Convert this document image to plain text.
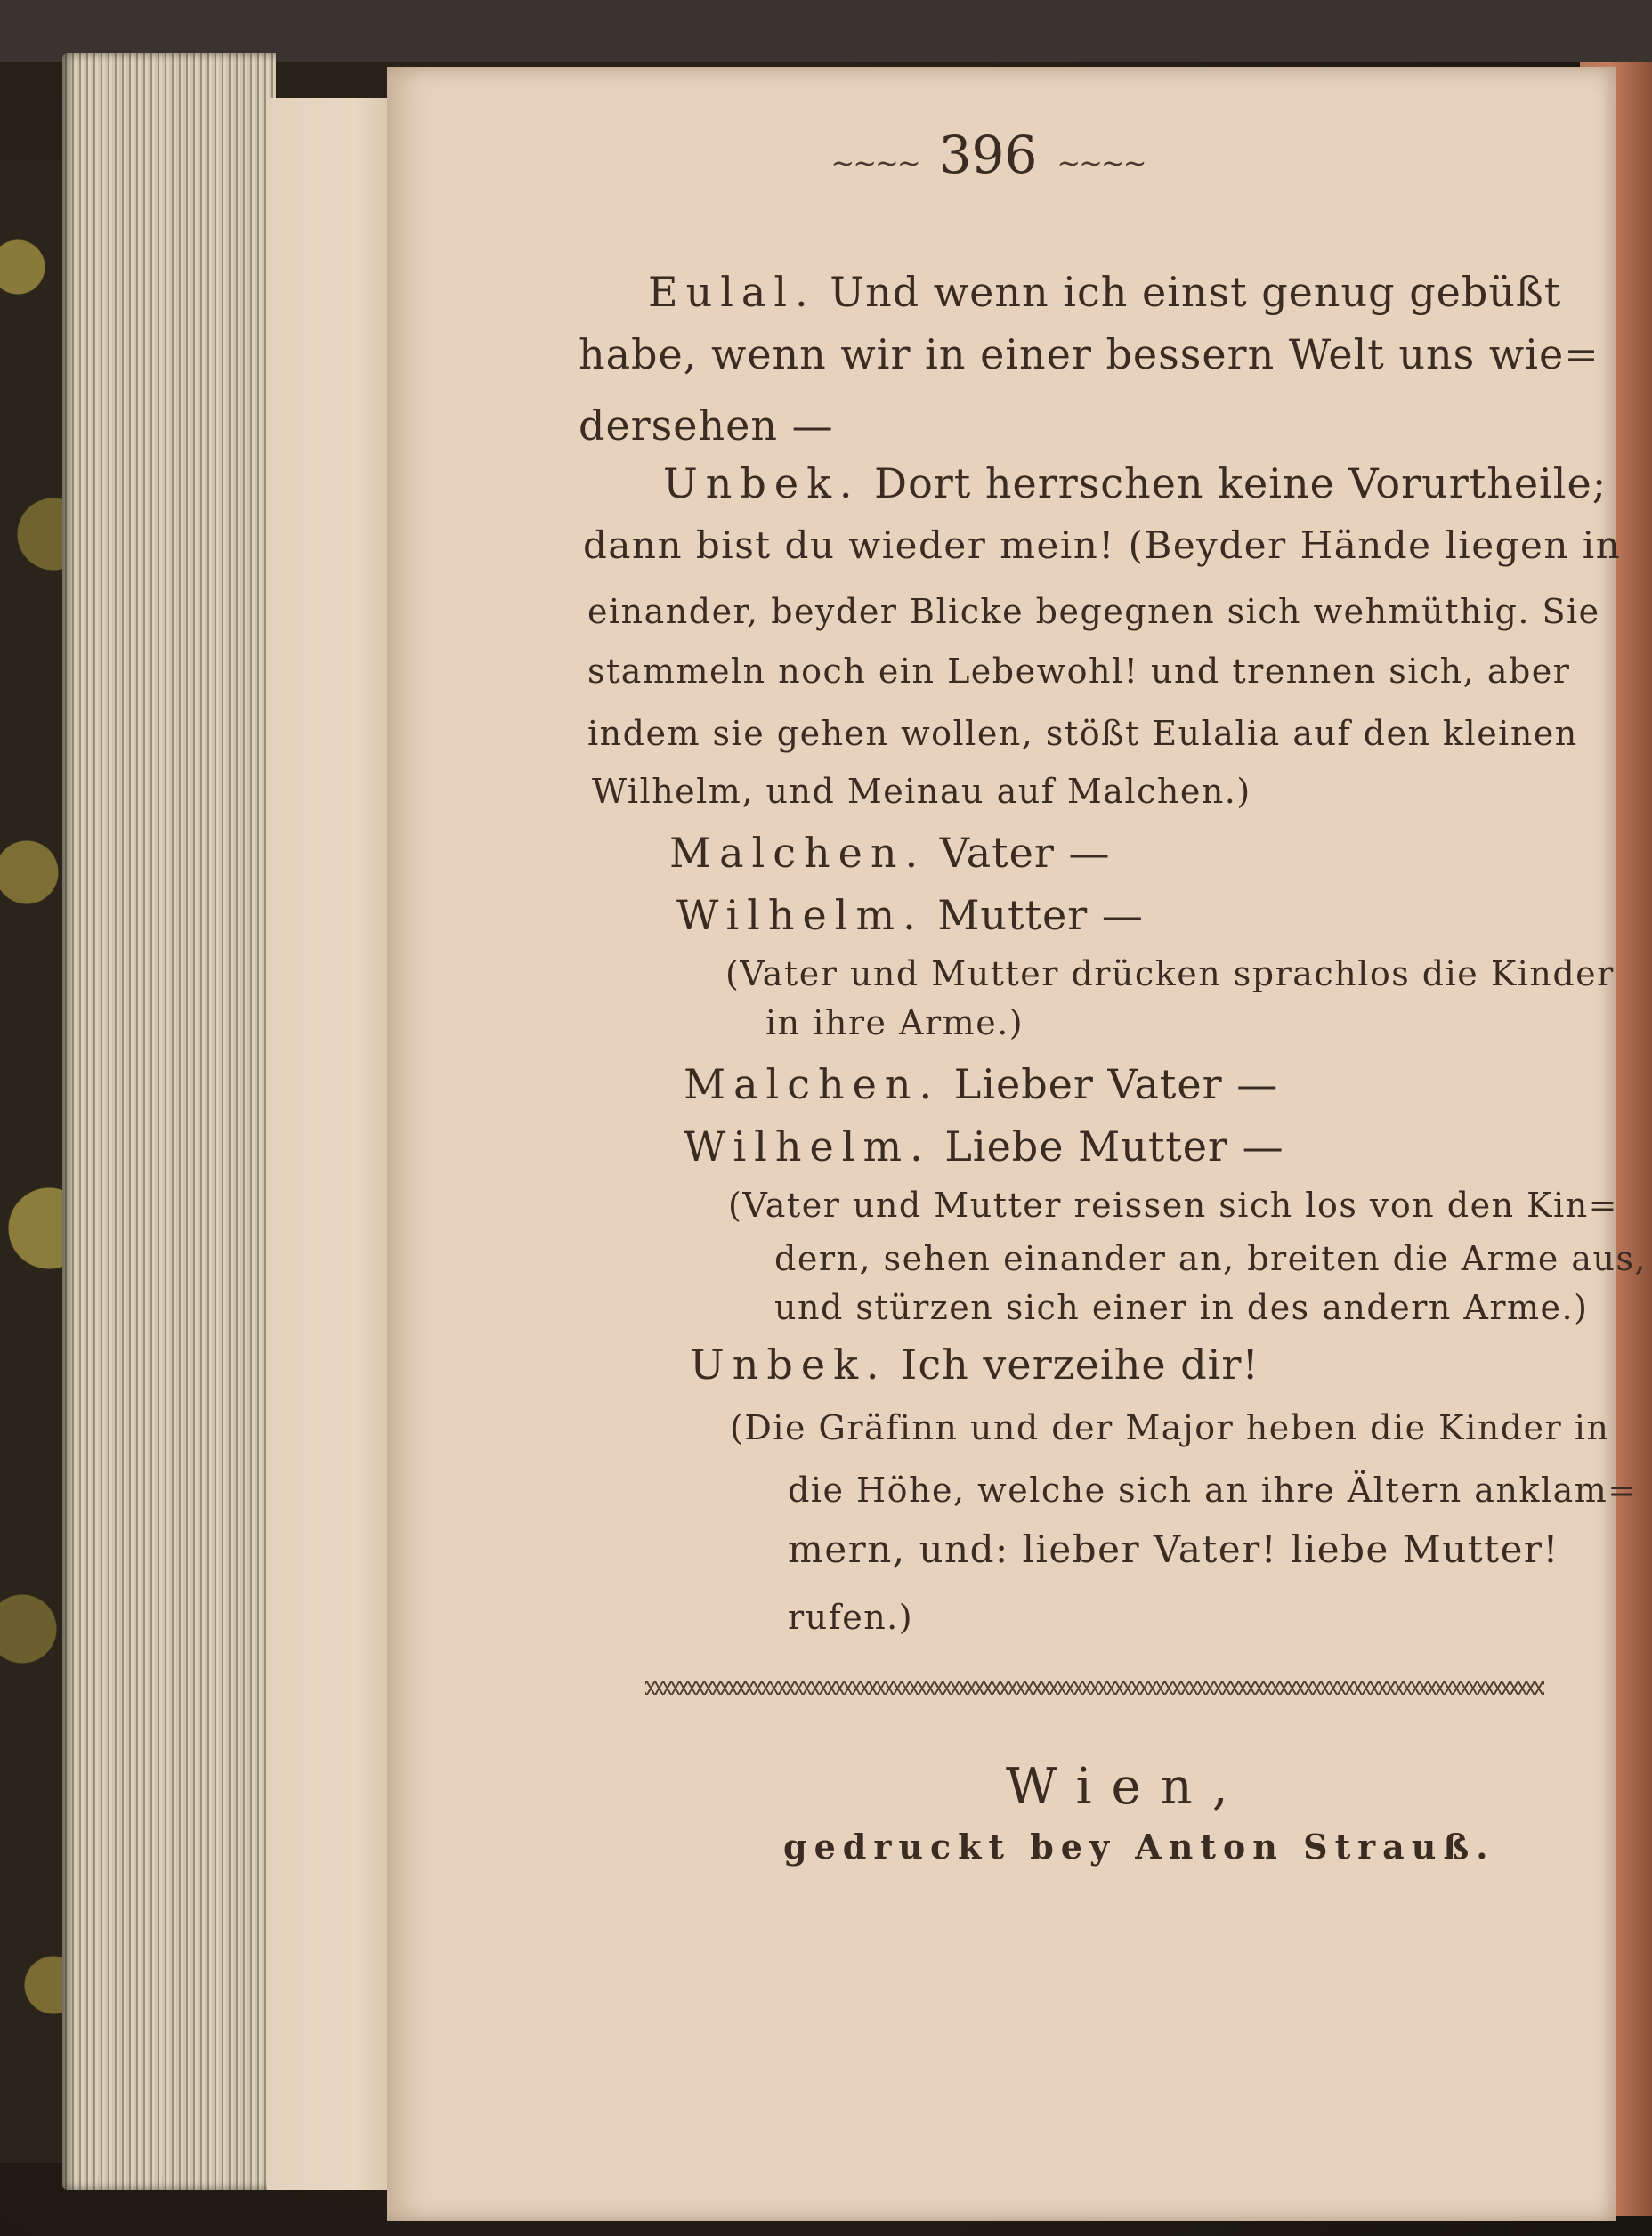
~~~~ 396 ~~~~
Eulal. Und wenn ich einst genug gebüßt
habe, wenn wir in einer bessern Welt uns wie=
dersehen —
Unbek. Dort herrschen keine Vorurtheile;
dann bist du wieder mein! (Beyder Hände liegen in
einander, beyder Blicke begegnen sich wehmüthig. Sie
stammeln noch ein Lebewohl! und trennen sich, aber
indem sie gehen wollen, stößt Eulalia auf den kleinen
Wilhelm, und Meinau auf Malchen.)
Malchen. Vater —
Wilhelm. Mutter —
(Vater und Mutter drücken sprachlos die Kinder
in ihre Arme.)
Malchen. Lieber Vater —
Wilhelm. Liebe Mutter —
(Vater und Mutter reissen sich los von den Kin=
dern, sehen einander an, breiten die Arme aus,
und stürzen sich einer in des andern Arme.)
Unbek. Ich verzeihe dir!
(Die Gräfinn und der Major heben die Kinder in
die Höhe, welche sich an ihre Ältern anklam=
mern, und: lieber Vater! liebe Mutter!
rufen.)
Wien,
gedruckt bey Anton Strauß.
